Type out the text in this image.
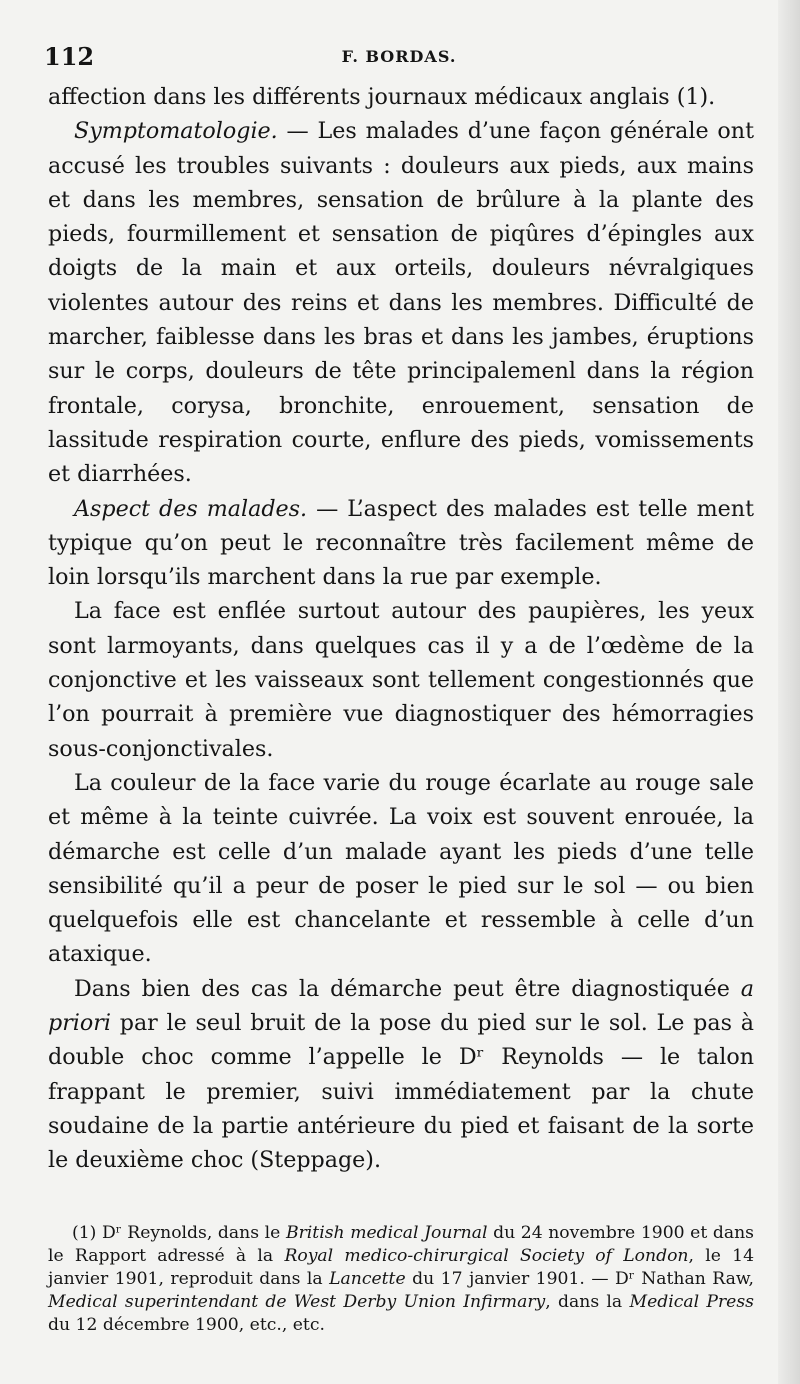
112	F. BORDAS.

affection dans les différents journaux médicaux anglais (1).

Symptomatologie. — Les malades d’une façon générale ont accusé les troubles suivants : douleurs aux pieds, aux mains et dans les membres, sensation de brûlure à la plante des pieds, fourmillement et sensation de piqûres d’épingles aux doigts de la main et aux orteils, douleurs névralgiques violentes autour des reins et dans les membres. Difficulté de marcher, faiblesse dans les bras et dans les jambes, éruptions sur le corps, douleurs de tête principalemenl dans la région frontale, corysa, bronchite, enrouement, sensation de lassitude respiration courte, enflure des pieds, vomissements et diarrhées.

Aspect des malades. — L’aspect des malades est telle ment typique qu’on peut le reconnaître très facilement même de loin lorsqu’ils marchent dans la rue par exemple.

La face est enflée surtout autour des paupières, les yeux sont larmoyants, dans quelques cas il y a de l’œdème de la conjonctive et les vaisseaux sont tellement congestionnés que l’on pourrait à première vue diagnostiquer des hémorragies sous-conjonctivales.

La couleur de la face varie du rouge écarlate au rouge sale et même à la teinte cuivrée. La voix est souvent enrouée, la démarche est celle d’un malade ayant les pieds d’une telle sensibilité qu’il a peur de poser le pied sur le sol — ou bien quelquefois elle est chancelante et ressemble à celle d’un ataxique.

Dans bien des cas la démarche peut être diagnostiquée a priori par le seul bruit de la pose du pied sur le sol. Le pas à double choc comme l’appelle le Dʳ Reynolds — le talon frappant le premier, suivi immédiatement par la chute soudaine de la partie antérieure du pied et faisant de la sorte le deuxième choc (Steppage).

(1) Dʳ Reynolds, dans le British medical Journal du 24 novembre 1900 et dans le Rapport adressé à la Royal medico-chirurgical Society of London, le 14 janvier 1901, reproduit dans la Lancette du 17 janvier 1901. — Dʳ Nathan Raw, Medical superintendant de West Derby Union Infirmary, dans la Medical Press du 12 décembre 1900, etc., etc.
